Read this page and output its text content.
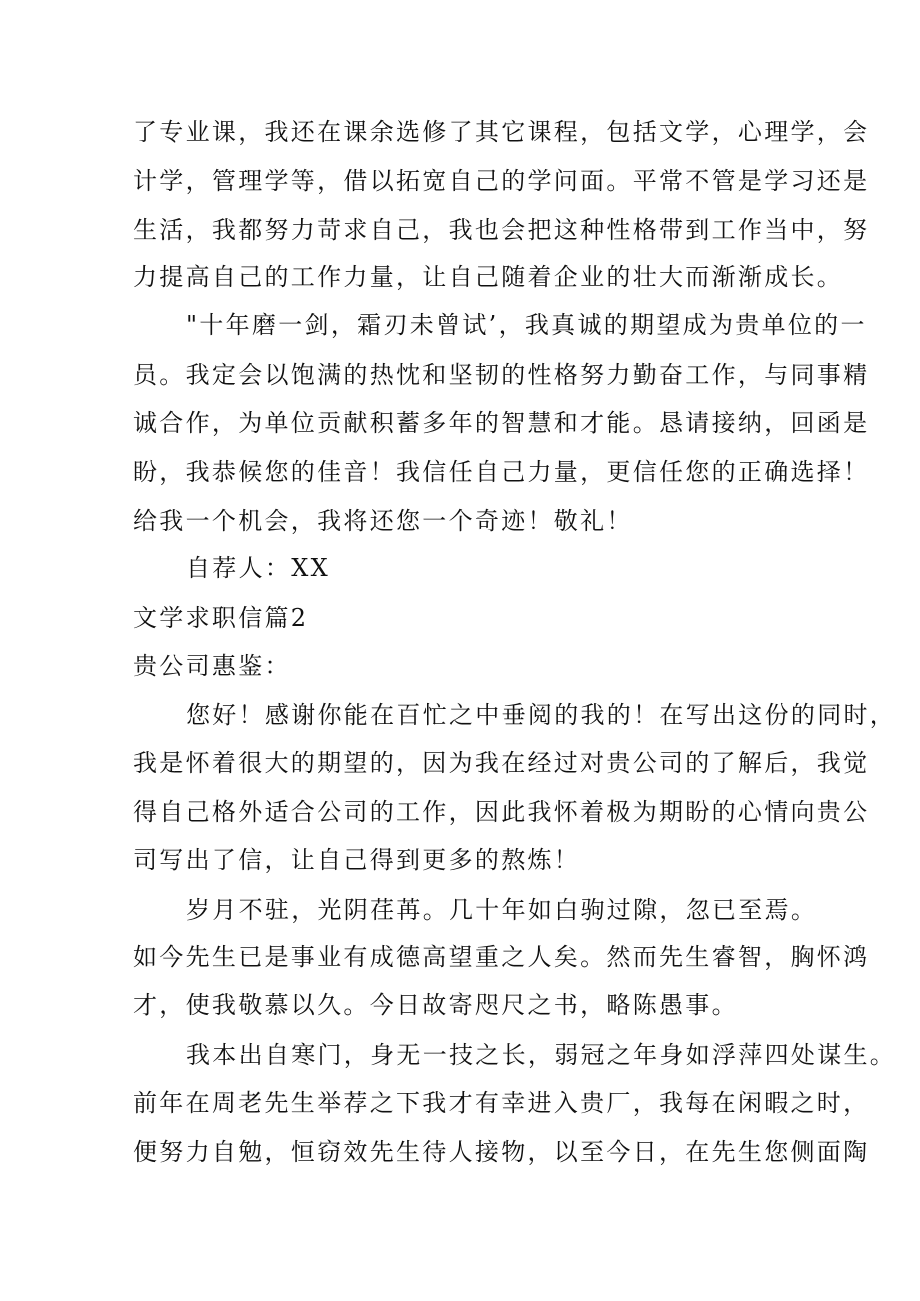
了专业课，我还在课余选修了其它课程，包括文学，心理学，会
计学，管理学等，借以拓宽自己的学问面。平常不管是学习还是
生活，我都努力苛求自己，我也会把这种性格带到工作当中，努
力提高自己的工作力量，让自己随着企业的壮大而渐渐成长。
"十年磨一剑，霜刃未曾试’，我真诚的期望成为贵单位的一
员。我定会以饱满的热忱和坚韧的性格努力勤奋工作，与同事精
诚合作，为单位贡献积蓄多年的智慧和才能。恳请接纳，回函是
盼，我恭候您的佳音！我信任自己力量，更信任您的正确选择！
给我一个机会，我将还您一个奇迹！敬礼！
自荐人：XX
文学求职信篇2
贵公司惠鉴：
您好！感谢你能在百忙之中垂阅的我的！在写出这份的同时，
我是怀着很大的期望的，因为我在经过对贵公司的了解后，我觉
得自己格外适合公司的工作，因此我怀着极为期盼的心情向贵公
司写出了信，让自己得到更多的熬炼！
岁月不驻，光阴荏苒。几十年如白驹过隙，忽已至焉。
如今先生已是事业有成德高望重之人矣。然而先生睿智，胸怀鸿
才，使我敬慕以久。今日故寄咫尺之书，略陈愚事。
我本出自寒门，身无一技之长，弱冠之年身如浮萍四处谋生。
前年在周老先生举荐之下我才有幸进入贵厂，我每在闲暇之时，
便努力自勉，恒窃效先生待人接物，以至今日，在先生您侧面陶
